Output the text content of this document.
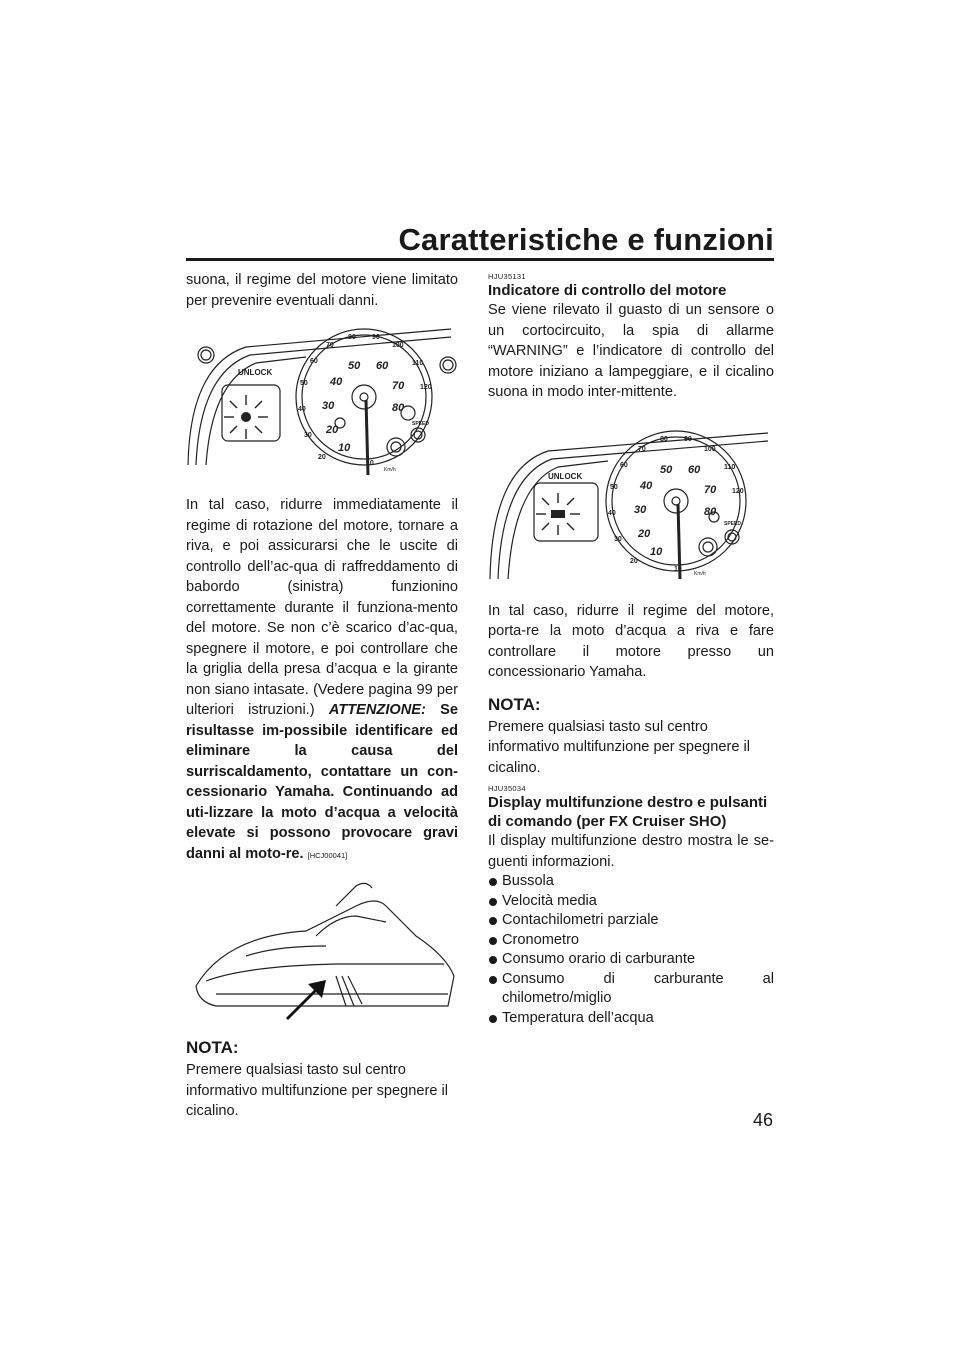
Caratteristiche e funzioni

suona, il regime del motore viene limitato per prevenire eventuali danni.

UNLOCK
10
20
30
40
50
60
70
80 90
100
110
120
10
20
30
40
50 60
70
80
Km/h
SPEED

In tal caso, ridurre immediatamente il regime di rotazione del motore, tornare a riva, e poi assicurarsi che le uscite di controllo dell’ac-qua di raffreddamento di babordo (sinistra) funzionino correttamente durante il funziona-mento del motore. Se non c’è scarico d’ac-qua, spegnere il motore, e poi controllare che la griglia della presa d’acqua e la girante non siano intasate. (Vedere pagina 99 per ulteriori istruzioni.) ATTENZIONE: Se risultasse im-possibile identificare ed eliminare la causa del surriscaldamento, contattare un con-cessionario Yamaha. Continuando ad uti-lizzare la moto d’acqua a velocità elevate si possono provocare gravi danni al moto-re. [HCJ00041]

NOTA:

Premere qualsiasi tasto sul centro informativo multifunzione per spegnere il cicalino.

HJU35131
Indicatore di controllo del motore

Se viene rilevato il guasto di un sensore o un cortocircuito, la spia di allarme “WARNING” e l’indicatore di controllo del motore iniziano a lampeggiare, e il cicalino suona in modo inter-mittente.

UNLOCK
10
20
30
40
50
60
70
80 90
100
110
120
10
20
30
40
50 60
70
80
Km/h
SPEED

In tal caso, ridurre il regime del motore, porta-re la moto d’acqua a riva e fare controllare il motore presso un concessionario Yamaha.

NOTA:

Premere qualsiasi tasto sul centro informativo multifunzione per spegnere il cicalino.

HJU35034
Display multifunzione destro e pulsanti di comando (per FX Cruiser SHO)

Il display multifunzione destro mostra le se-guenti informazioni.

Bussola
Velocità media
Contachilometri parziale
Cronometro
Consumo orario di carburante
Consumo di carburante al chilometro/miglio
Temperatura dell’acqua
46
